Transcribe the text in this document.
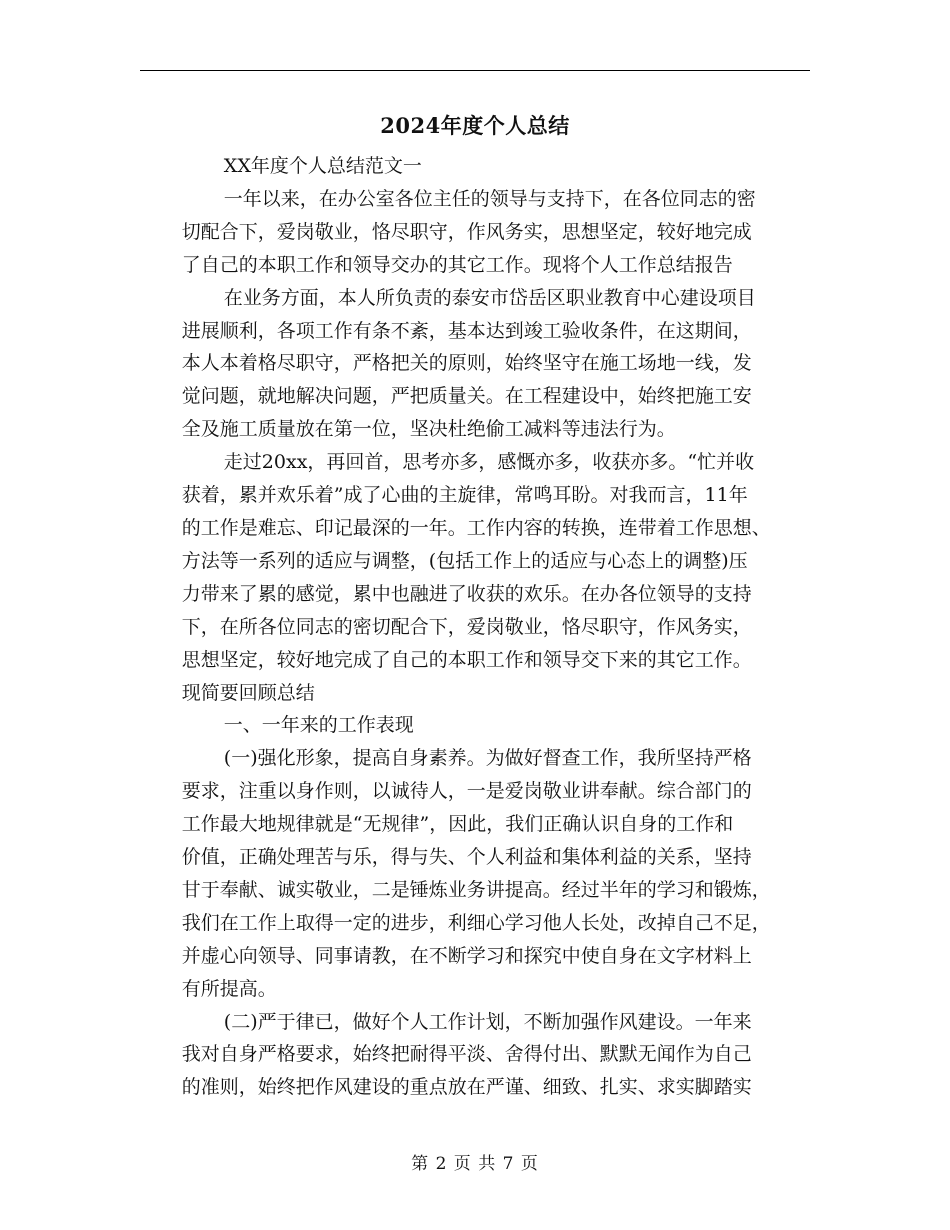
2024年度个人总结

XX年度个人总结范文一

一年以来，在办公室各位主任的领导与支持下，在各位同志的密
切配合下，爱岗敬业，恪尽职守，作风务实，思想坚定，较好地完成
了自己的本职工作和领导交办的其它工作。现将个人工作总结报告

在业务方面，本人所负责的泰安市岱岳区职业教育中心建设项目
进展顺利，各项工作有条不紊，基本达到竣工验收条件，在这期间，
本人本着格尽职守，严格把关的原则，始终坚守在施工场地一线，发
觉问题，就地解决问题，严把质量关。在工程建设中，始终把施工安
全及施工质量放在第一位，坚决杜绝偷工减料等违法行为。

走过20xx，再回首，思考亦多，感慨亦多，收获亦多。“忙并收
获着，累并欢乐着”成了心曲的主旋律，常鸣耳盼。对我而言，11年
的工作是难忘、印记最深的一年。工作内容的转换，连带着工作思想、
方法等一系列的适应与调整，(包括工作上的适应与心态上的调整)压
力带来了累的感觉，累中也融进了收获的欢乐。在办各位领导的支持
下，在所各位同志的密切配合下，爱岗敬业，恪尽职守，作风务实，
思想坚定，较好地完成了自己的本职工作和领导交下来的其它工作。
现简要回顾总结

一、一年来的工作表现

(一)强化形象，提高自身素养。为做好督查工作，我所坚持严格
要求，注重以身作则，以诚待人，一是爱岗敬业讲奉献。综合部门的
工作最大地规律就是“无规律”，因此，我们正确认识自身的工作和
价值，正确处理苦与乐，得与失、个人利益和集体利益的关系，坚持
甘于奉献、诚实敬业，二是锤炼业务讲提高。经过半年的学习和锻炼，
我们在工作上取得一定的进步，利细心学习他人长处，改掉自己不足，
并虚心向领导、同事请教，在不断学习和探究中使自身在文字材料上
有所提高。

(二)严于律已，做好个人工作计划，不断加强作风建设。一年来
我对自身严格要求，始终把耐得平淡、舍得付出、默默无闻作为自己
的准则，始终把作风建设的重点放在严谨、细致、扎实、求实脚踏实

第 2 页 共 7 页
